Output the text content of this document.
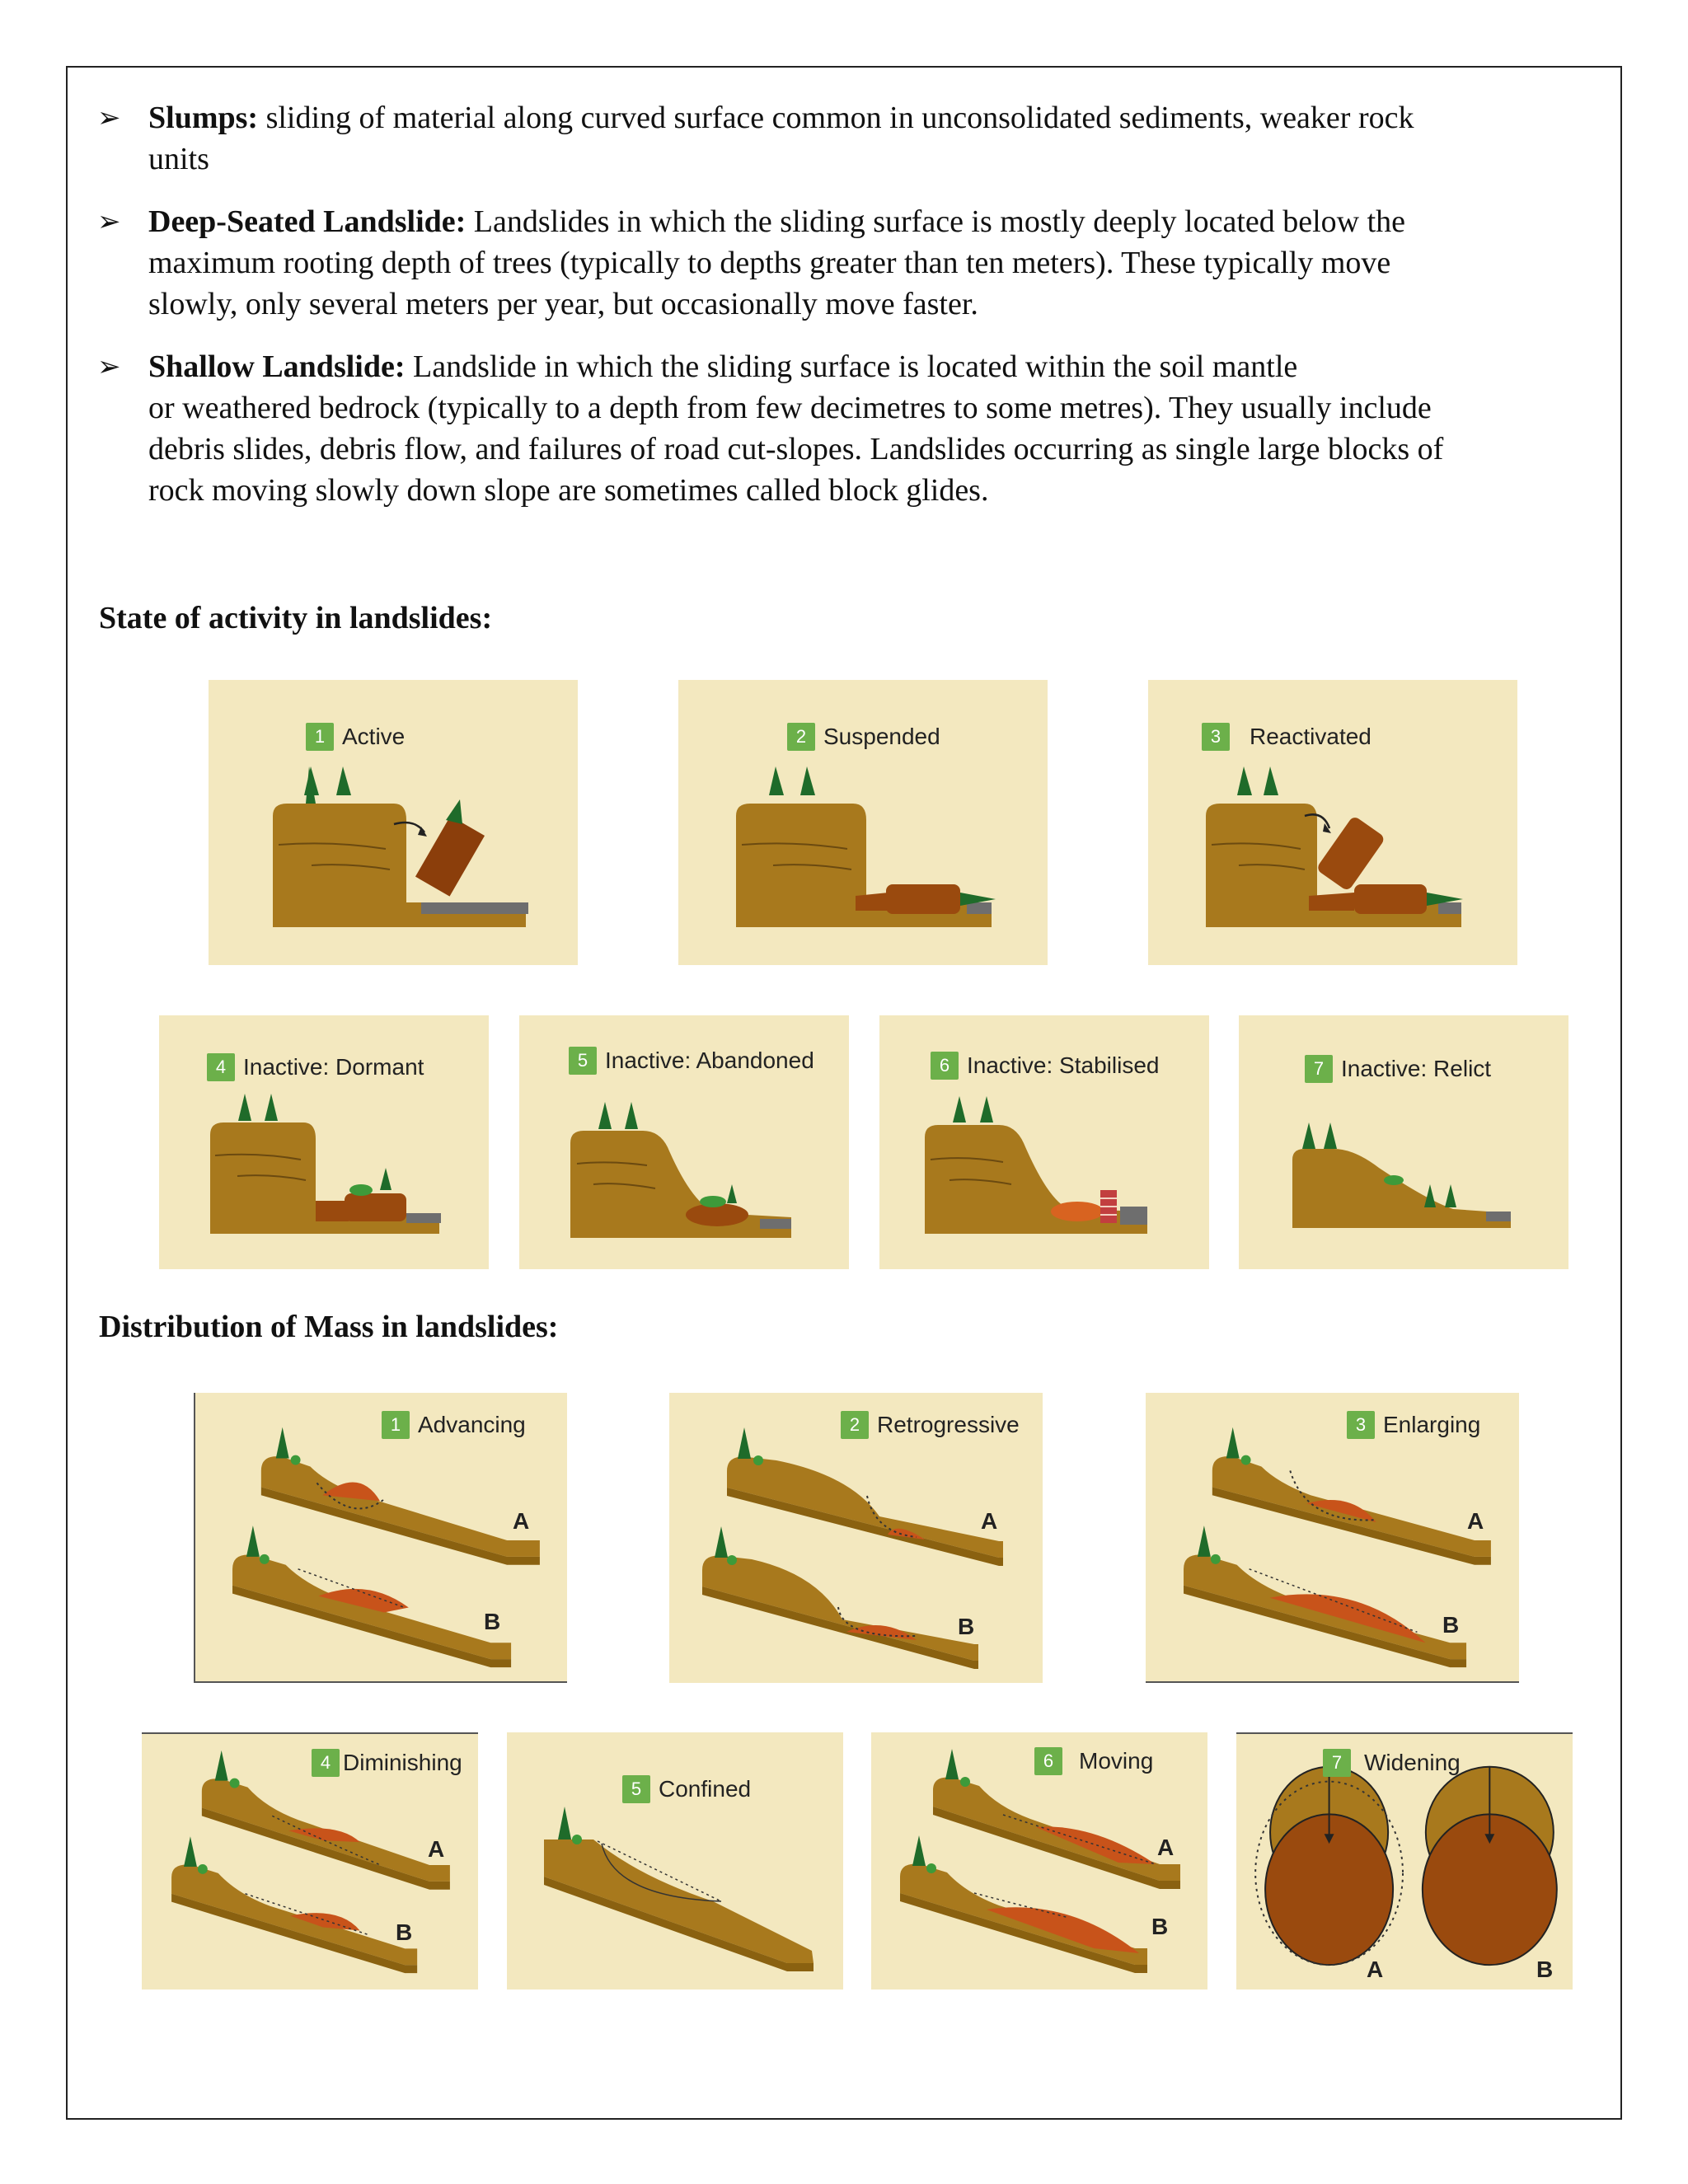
➢ Slumps: sliding of material along curved surface common in unconsolidated sediments, weaker rock
units
➢ Deep-Seated Landslide: Landslides in which the sliding surface is mostly deeply located below the
maximum rooting depth of trees (typically to depths greater than ten meters). These typically move
slowly, only several meters per year, but occasionally move faster.
➢ Shallow Landslide: Landslide in which the sliding surface is located within the soil mantle
or weathered bedrock (typically to a depth from few decimetres to some metres). They usually include
debris slides, debris flow, and failures of road cut-slopes. Landslides occurring as single large blocks of
rock moving slowly down slope are sometimes called block glides.
State of activity in landslides:
1 Active	2 Suspended	3	Reactivated
4 Inactive: Dormant	5 Inactive: Abandoned	6 Inactive: Stabilised	7 Inactive: Relict
Distribution of Mass in landslides:
1 Advancing
A
B
2 Retrogressive
A
B
3 Enlarging
A
B
4 Diminishing
A
B
5 Confined
6	Moving
A
B
7 Widening
A	B
